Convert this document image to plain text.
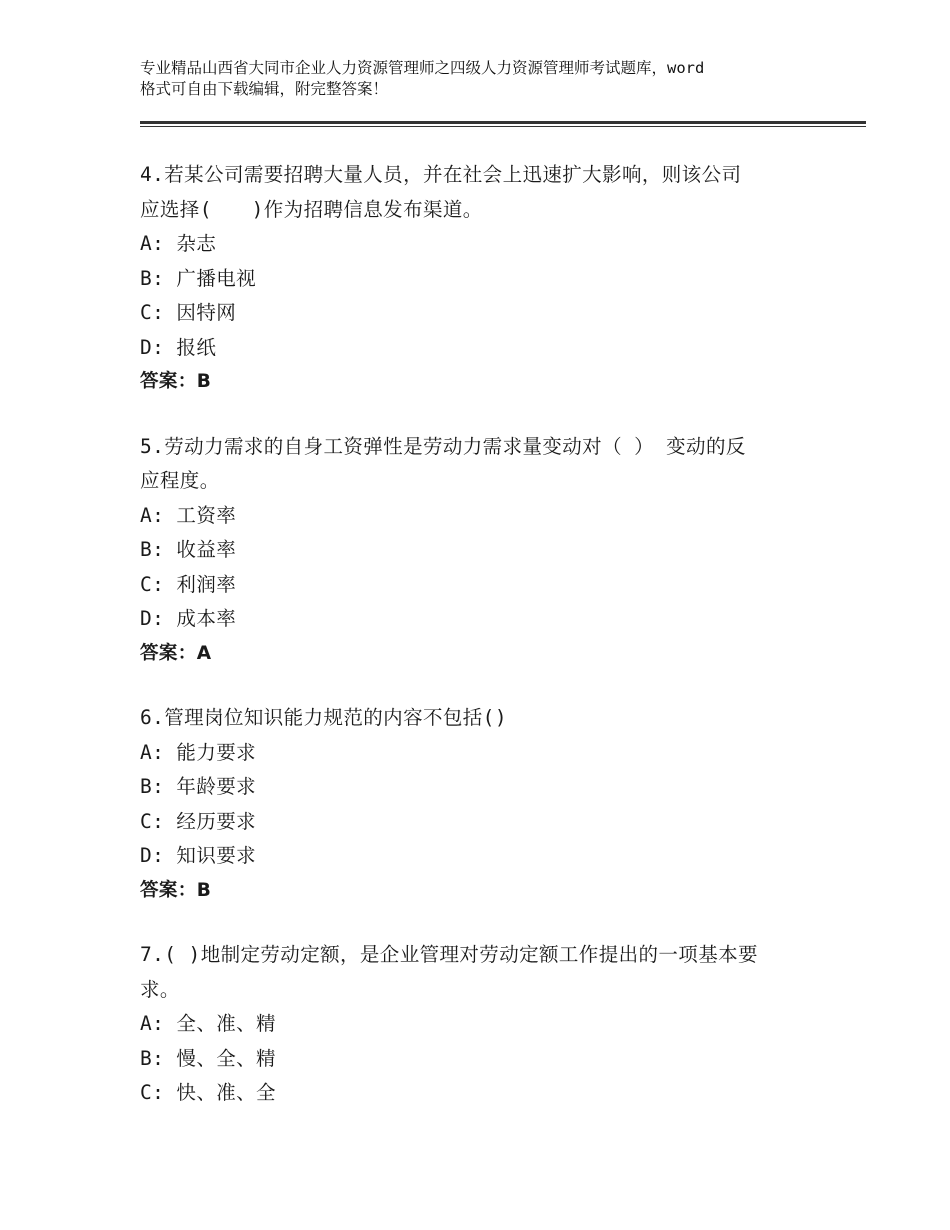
专业精品山西省大同市企业人力资源管理师之四级人力资源管理师考试题库，word
格式可自由下载编辑，附完整答案！
4.若某公司需要招聘大量人员，并在社会上迅速扩大影响，则该公司
应选择(　　)作为招聘信息发布渠道。
A: 杂志
B: 广播电视
C: 因特网
D: 报纸
答案：B
5.劳动力需求的自身工资弹性是劳动力需求量变动对（ ） 变动的反
应程度。
A: 工资率
B: 收益率
C: 利润率
D: 成本率
答案：A
6.管理岗位知识能力规范的内容不包括()
A: 能力要求
B: 年龄要求
C: 经历要求
D: 知识要求
答案：B
7.( )地制定劳动定额，是企业管理对劳动定额工作提出的一项基本要
求。
A: 全、准、精
B: 慢、全、精
C: 快、准、全
